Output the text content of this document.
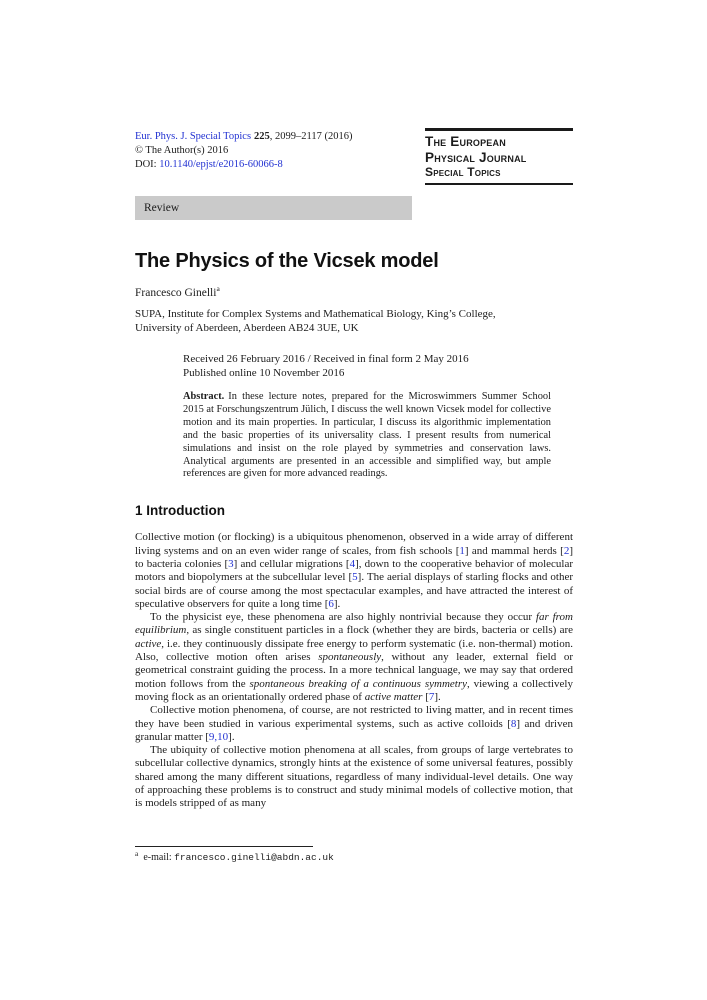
Eur. Phys. J. Special Topics 225, 2099–2117 (2016)
© The Author(s) 2016
DOI: 10.1140/epjst/e2016-60066-8
The European
Physical Journal
Special Topics
Review
The Physics of the Vicsek model
Francesco Ginelli$^a$
SUPA, Institute for Complex Systems and Mathematical Biology, King’s College,
University of Aberdeen, Aberdeen AB24 3UE, UK
Received 26 February 2016 / Received in final form 2 May 2016
Published online 10 November 2016
Abstract. In these lecture notes, prepared for the Microswimmers Summer School 2015 at Forschungszentrum Jülich, I discuss the well known Vicsek model for collective motion and its main properties. In particular, I discuss its algorithmic implementation and the basic properties of its universality class. I present results from numerical simulations and insist on the role played by symmetries and conservation laws. Analytical arguments are presented in an accessible and simplified way, but ample references are given for more advanced readings.
1 Introduction

Collective motion (or flocking) is a ubiquitous phenomenon, observed in a wide array of different living systems and on an even wider range of scales, from fish schools [1] and mammal herds [2] to bacteria colonies [3] and cellular migrations [4], down to the cooperative behavior of molecular motors and biopolymers at the subcellular level [5]. The aerial displays of starling flocks and other social birds are of course among the most spectacular examples, and have attracted the interest of speculative observers for quite a long time [6].

To the physicist eye, these phenomena are also highly nontrivial because they occur far from equilibrium, as single constituent particles in a flock (whether they are birds, bacteria or cells) are active, i.e. they continuously dissipate free energy to perform systematic (i.e. non-thermal) motion. Also, collective motion often arises spontaneously, without any leader, external field or geometrical constraint guiding the process. In a more technical language, we may say that ordered motion follows from the spontaneous breaking of a continuous symmetry, viewing a collectively moving flock as an orientationally ordered phase of active matter [7].

Collective motion phenomena, of course, are not restricted to living matter, and in recent times they have been studied in various experimental systems, such as active colloids [8] and driven granular matter [9,10].

The ubiquity of collective motion phenomena at all scales, from groups of large vertebrates to subcellular collective dynamics, strongly hints at the existence of some universal features, possibly shared among the many different situations, regardless of many individual-level details. One way of approaching these problems is to construct and study minimal models of collective motion, that is models stripped of as many

$^a$ e-mail: francesco.ginelli@abdn.ac.uk
